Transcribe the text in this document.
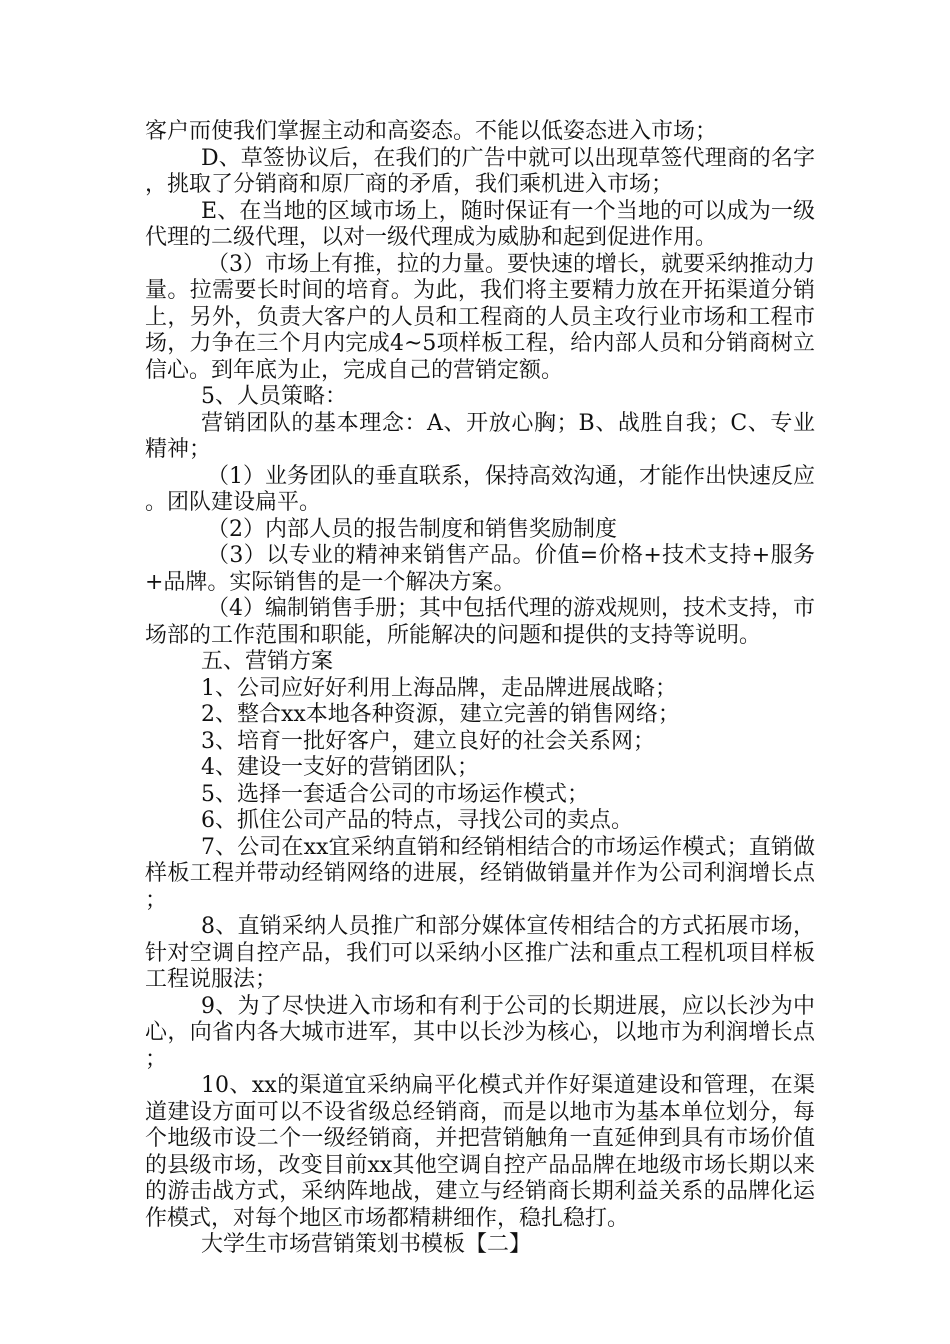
客户而使我们掌握主动和高姿态。不能以低姿态进入市场；

D、草签协议后，在我们的广告中就可以出现草签代理商的名字，挑取了分销商和原厂商的矛盾，我们乘机进入市场；

E、在当地的区域市场上，随时保证有一个当地的可以成为一级代理的二级代理，以对一级代理成为威胁和起到促进作用。

（3）市场上有推，拉的力量。要快速的增长，就要采纳推动力量。拉需要长时间的培育。为此，我们将主要精力放在开拓渠道分销上，另外，负责大客户的人员和工程商的人员主攻行业市场和工程市场，力争在三个月内完成4~5项样板工程，给内部人员和分销商树立信心。到年底为止，完成自己的营销定额。

5、人员策略：

营销团队的基本理念：A、开放心胸；B、战胜自我；C、专业精神；

（1）业务团队的垂直联系，保持高效沟通，才能作出快速反应。团队建设扁平。

（2）内部人员的报告制度和销售奖励制度

（3）以专业的精神来销售产品。价值=价格+技术支持+服务+品牌。实际销售的是一个解决方案。

（4）编制销售手册；其中包括代理的游戏规则，技术支持，市场部的工作范围和职能，所能解决的问题和提供的支持等说明。

五、营销方案

1、公司应好好利用上海品牌，走品牌进展战略；

2、整合xx本地各种资源，建立完善的销售网络；

3、培育一批好客户，建立良好的社会关系网；

4、建设一支好的营销团队；

5、选择一套适合公司的市场运作模式；

6、抓住公司产品的特点，寻找公司的卖点。

7、公司在xx宜采纳直销和经销相结合的市场运作模式；直销做样板工程并带动经销网络的进展，经销做销量并作为公司利润增长点；

8、直销采纳人员推广和部分媒体宣传相结合的方式拓展市场，针对空调自控产品，我们可以采纳小区推广法和重点工程机项目样板工程说服法；

9、为了尽快进入市场和有利于公司的长期进展，应以长沙为中心，向省内各大城市进军，其中以长沙为核心，以地市为利润增长点；

10、xx的渠道宜采纳扁平化模式并作好渠道建设和管理，在渠道建设方面可以不设省级总经销商，而是以地市为基本单位划分，每个地级市设二个一级经销商，并把营销触角一直延伸到具有市场价值的县级市场，改变目前xx其他空调自控产品品牌在地级市场长期以来的游击战方式，采纳阵地战，建立与经销商长期利益关系的品牌化运作模式，对每个地区市场都精耕细作，稳扎稳打。

大学生市场营销策划书模板【二】
